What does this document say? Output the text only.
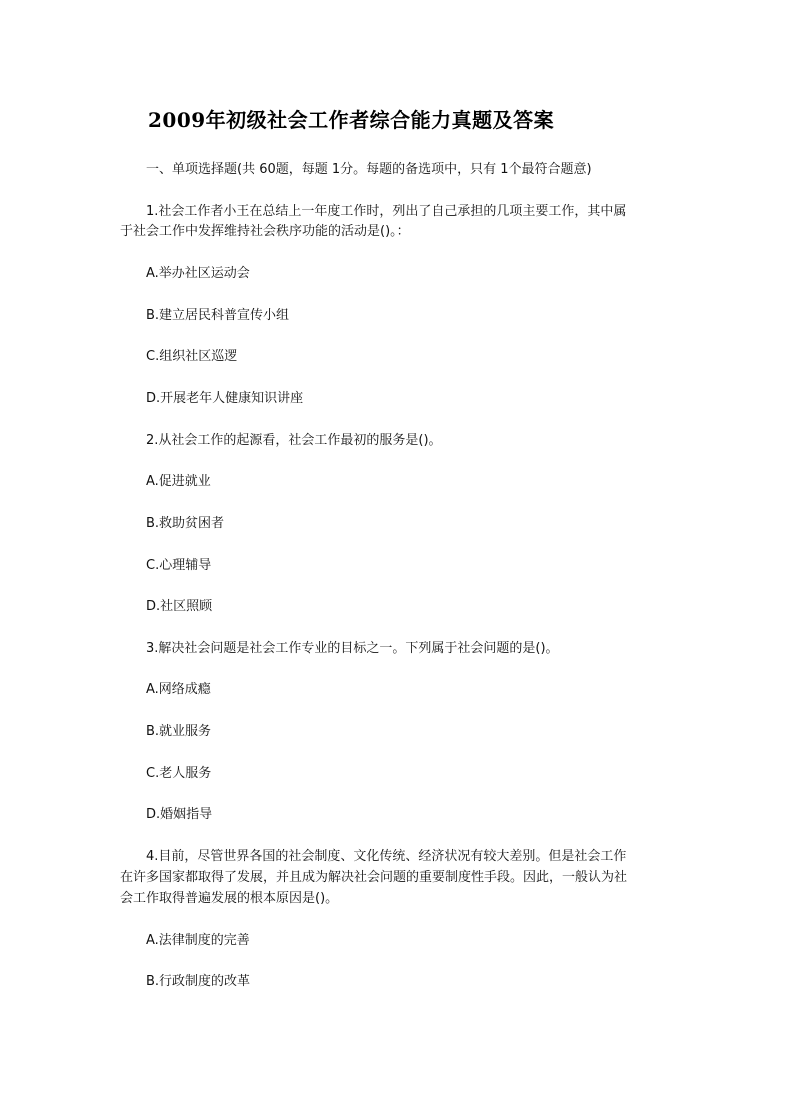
2009年初级社会工作者综合能力真题及答案
一、单项选择题(共 60题，每题 1分。每题的备选项中，只有 1个最符合题意)
1.社会工作者小王在总结上一年度工作时，列出了自己承担的几项主要工作，其中属
于社会工作中发挥维持社会秩序功能的活动是()。：
A.举办社区运动会
B.建立居民科普宣传小组
C.组织社区巡逻
D.开展老年人健康知识讲座
2.从社会工作的起源看，社会工作最初的服务是()。
A.促进就业
B.救助贫困者
C.心理辅导
D.社区照顾
3.解决社会问题是社会工作专业的目标之一。下列属于社会问题的是()。
A.网络成瘾
B.就业服务
C.老人服务
D.婚姻指导
4.目前，尽管世界各国的社会制度、文化传统、经济状况有较大差别。但是社会工作
在许多国家都取得了发展，并且成为解决社会问题的重要制度性手段。因此，一般认为社
会工作取得普遍发展的根本原因是()。
A.法律制度的完善
B.行政制度的改革
